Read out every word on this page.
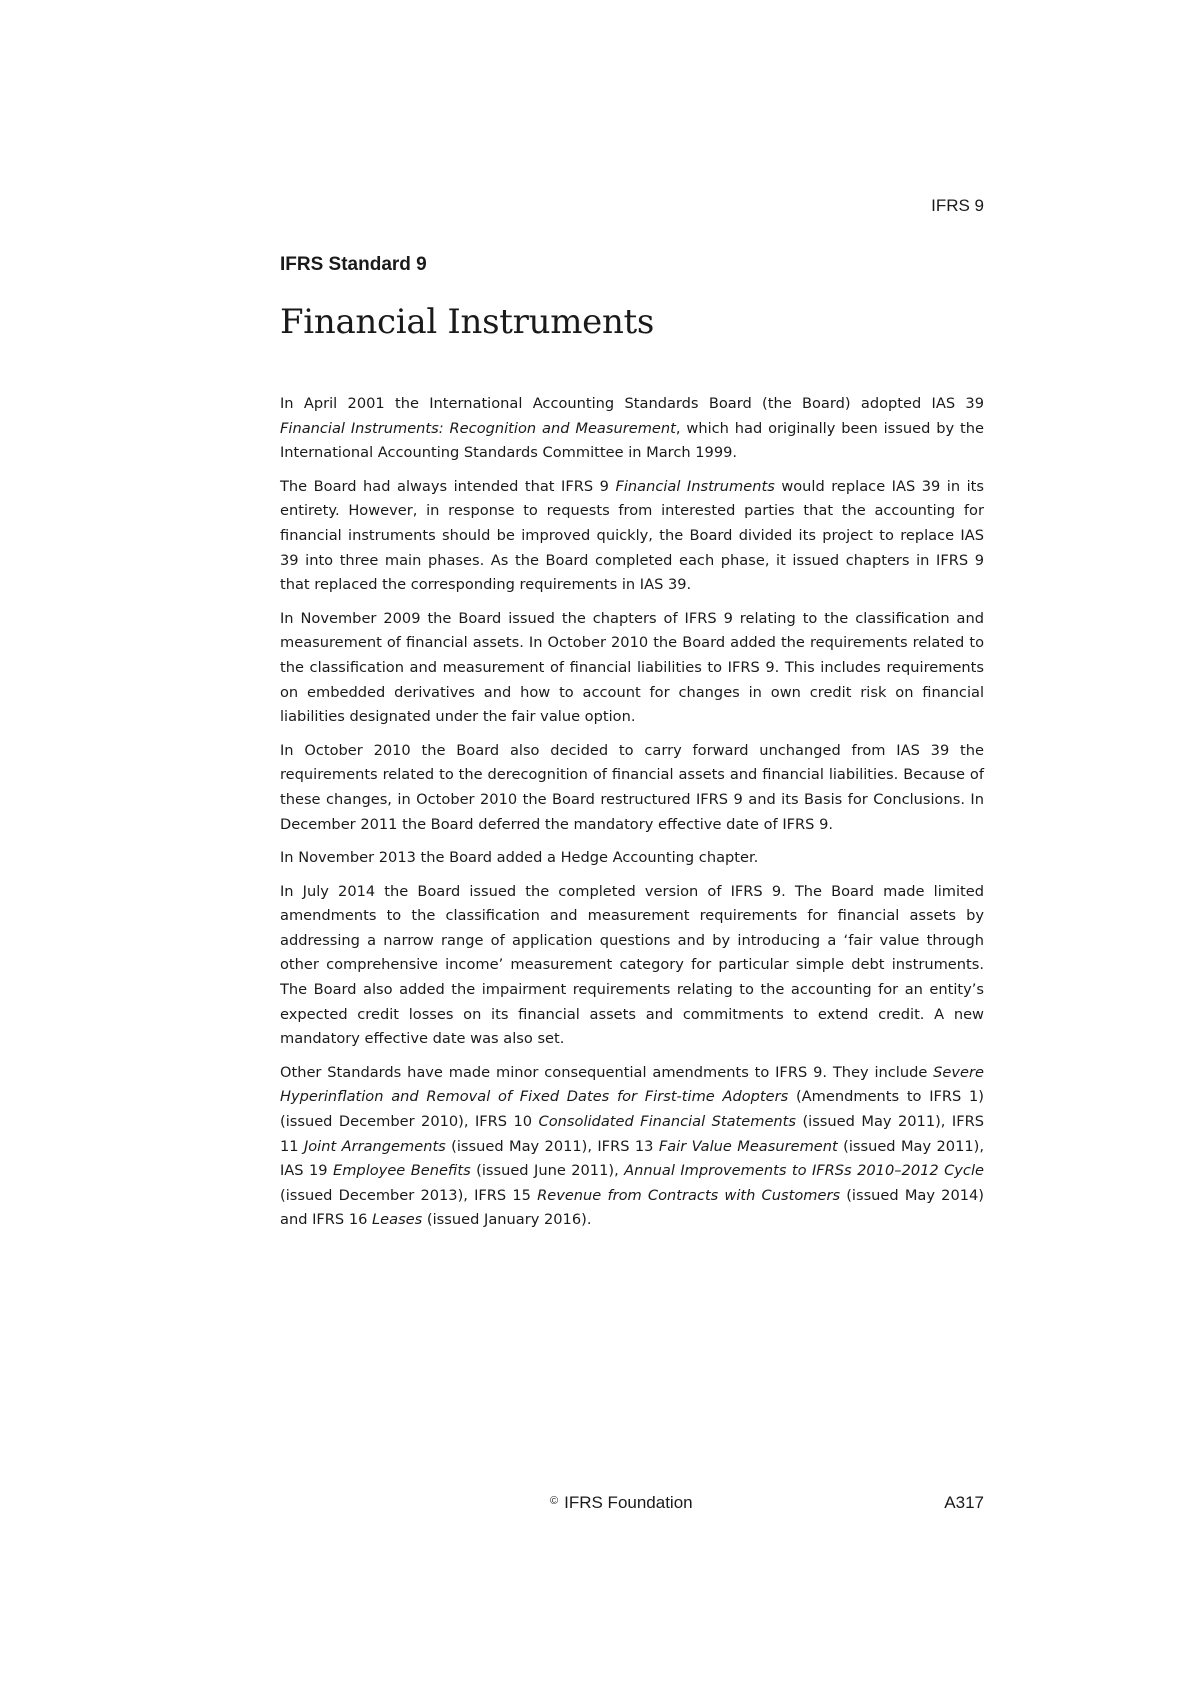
IFRS 9
IFRS Standard 9
Financial Instruments

In April 2001 the International Accounting Standards Board (the Board) adopted IAS 39 Financial Instruments: Recognition and Measurement, which had originally been issued by the International Accounting Standards Committee in March 1999.

The Board had always intended that IFRS 9 Financial Instruments would replace IAS 39 in its entirety. However, in response to requests from interested parties that the accounting for financial instruments should be improved quickly, the Board divided its project to replace IAS 39 into three main phases. As the Board completed each phase, it issued chapters in IFRS 9 that replaced the corresponding requirements in IAS 39.

In November 2009 the Board issued the chapters of IFRS 9 relating to the classification and measurement of financial assets. In October 2010 the Board added the requirements related to the classification and measurement of financial liabilities to IFRS 9. This includes requirements on embedded derivatives and how to account for changes in own credit risk on financial liabilities designated under the fair value option.

In October 2010 the Board also decided to carry forward unchanged from IAS 39 the requirements related to the derecognition of financial assets and financial liabilities. Because of these changes, in October 2010 the Board restructured IFRS 9 and its Basis for Conclusions. In December 2011 the Board deferred the mandatory effective date of IFRS 9.

In November 2013 the Board added a Hedge Accounting chapter.

In July 2014 the Board issued the completed version of IFRS 9. The Board made limited amendments to the classification and measurement requirements for financial assets by addressing a narrow range of application questions and by introducing a ‘fair value through other comprehensive income’ measurement category for particular simple debt instruments. The Board also added the impairment requirements relating to the accounting for an entity’s expected credit losses on its financial assets and commitments to extend credit. A new mandatory effective date was also set.

Other Standards have made minor consequential amendments to IFRS 9. They include Severe Hyperinflation and Removal of Fixed Dates for First-time Adopters (Amendments to IFRS 1) (issued December 2010), IFRS 10 Consolidated Financial Statements (issued May 2011), IFRS 11 Joint Arrangements (issued May 2011), IFRS 13 Fair Value Measurement (issued May 2011), IAS 19 Employee Benefits (issued June 2011), Annual Improvements to IFRSs 2010–2012 Cycle (issued December 2013), IFRS 15 Revenue from Contracts with Customers (issued May 2014) and IFRS 16 Leases (issued January 2016).

© IFRS Foundation	A317
